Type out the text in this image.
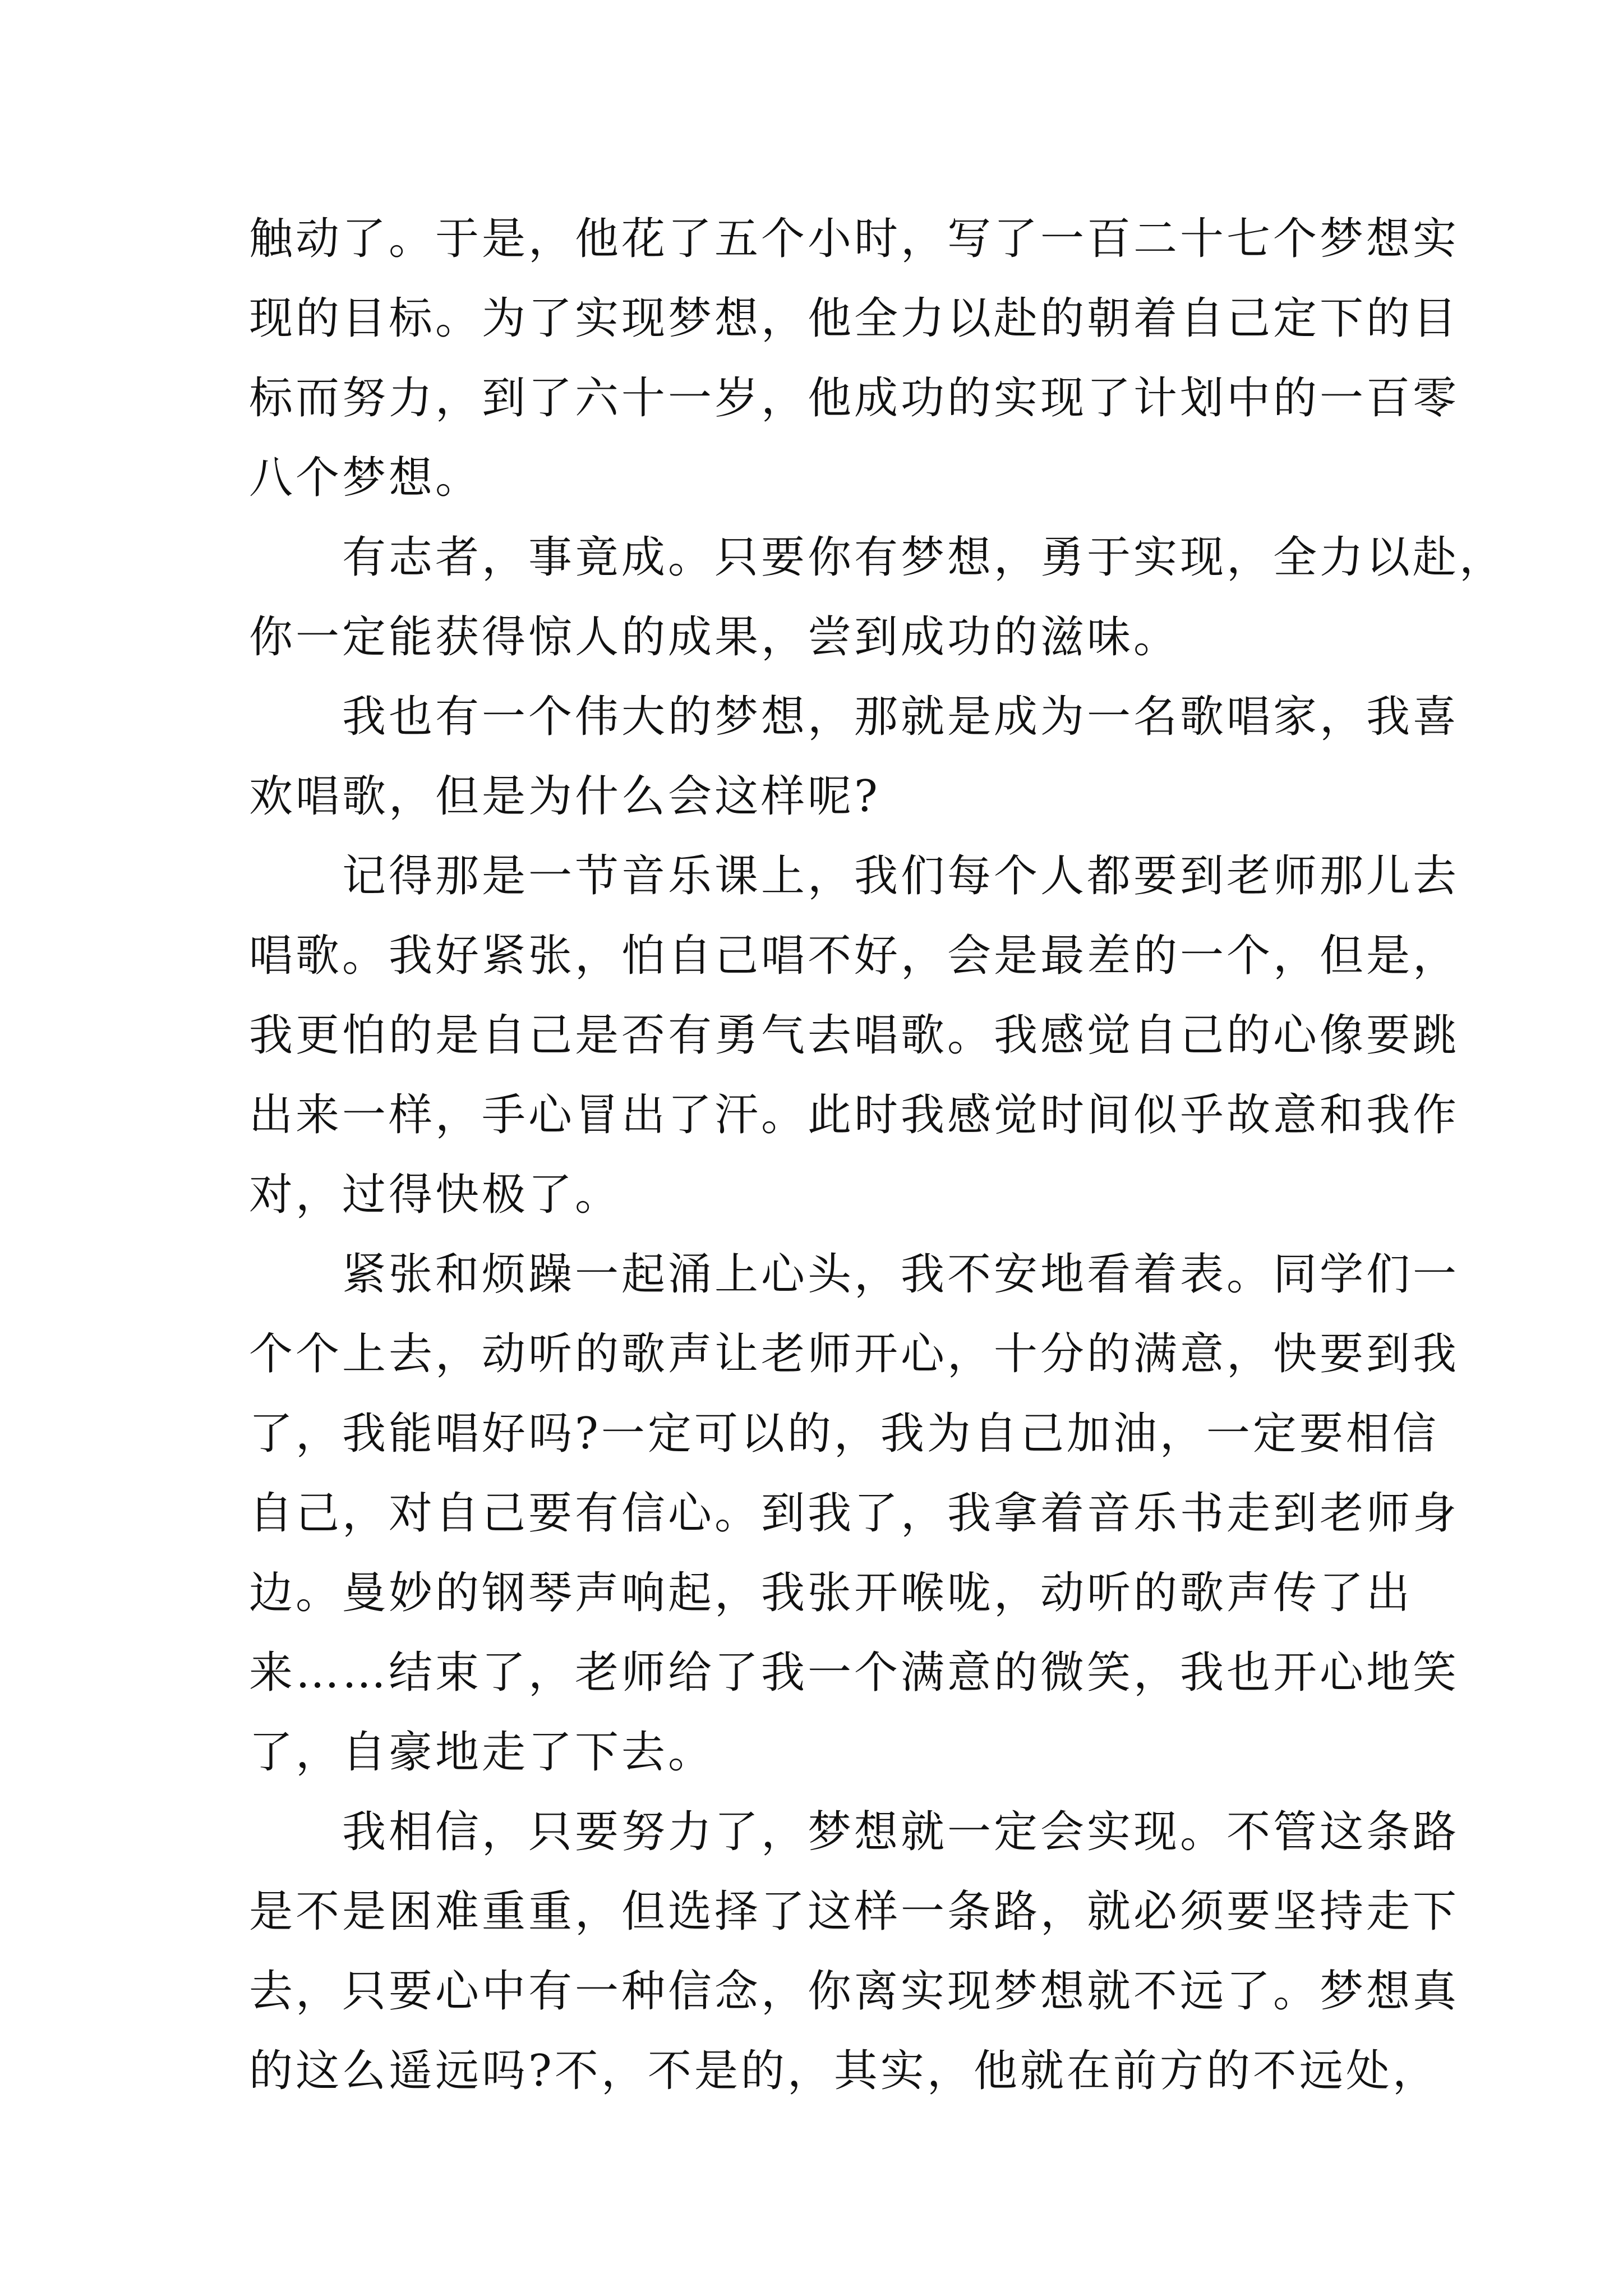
触动了。于是，他花了五个小时，写了一百二十七个梦想实
现的目标。为了实现梦想，他全力以赴的朝着自己定下的目
标而努力，到了六十一岁，他成功的实现了计划中的一百零
八个梦想。
　　有志者，事竟成。只要你有梦想，勇于实现，全力以赴，
你一定能获得惊人的成果，尝到成功的滋味。
　　我也有一个伟大的梦想，那就是成为一名歌唱家，我喜
欢唱歌，但是为什么会这样呢?
　　记得那是一节音乐课上，我们每个人都要到老师那儿去
唱歌。我好紧张，怕自己唱不好，会是最差的一个，但是，
我更怕的是自己是否有勇气去唱歌。我感觉自己的心像要跳
出来一样，手心冒出了汗。此时我感觉时间似乎故意和我作
对，过得快极了。
　　紧张和烦躁一起涌上心头，我不安地看着表。同学们一
个个上去，动听的歌声让老师开心，十分的满意，快要到我
了，我能唱好吗?一定可以的，我为自己加油，一定要相信
自己，对自己要有信心。到我了，我拿着音乐书走到老师身
边。曼妙的钢琴声响起，我张开喉咙，动听的歌声传了出
来……结束了，老师给了我一个满意的微笑，我也开心地笑
了，自豪地走了下去。
　　我相信，只要努力了，梦想就一定会实现。不管这条路
是不是困难重重，但选择了这样一条路，就必须要坚持走下
去，只要心中有一种信念，你离实现梦想就不远了。梦想真
的这么遥远吗?不，不是的，其实，他就在前方的不远处，
